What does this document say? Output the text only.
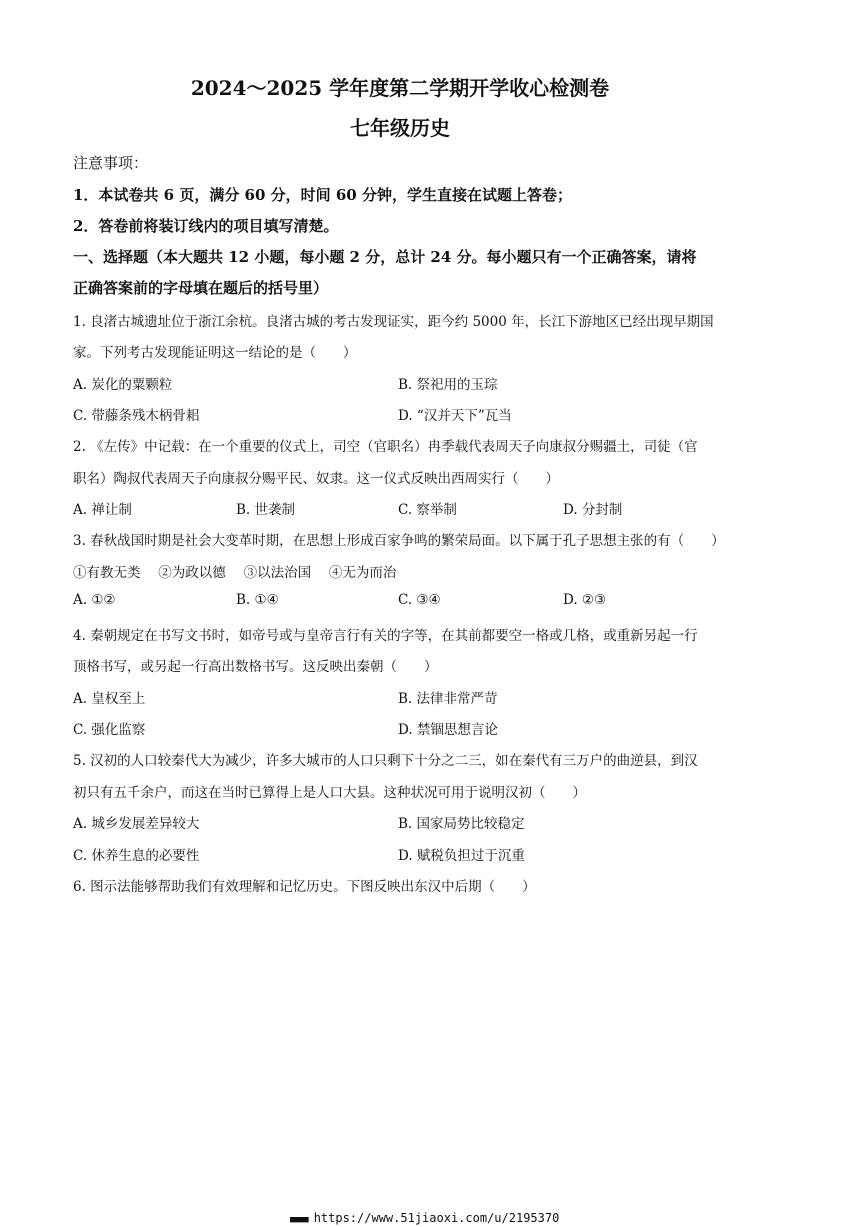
2024～2025 学年度第二学期开学收心检测卷
七年级历史
注意事项：
1．本试卷共 6 页，满分 60 分，时间 60 分钟，学生直接在试题上答卷；
2．答卷前将装订线内的项目填写清楚。
一、选择题（本大题共 12 小题，每小题 2 分，总计 24 分。每小题只有一个正确答案，请将
正确答案前的字母填在题后的括号里）
1. 良渚古城遗址位于浙江余杭。良渚古城的考古发现证实，距今约 5000 年，长江下游地区已经出现早期国
家。下列考古发现能证明这一结论的是（　　）
A. 炭化的粟颗粒	B. 祭祀用的玉琮
C. 带藤条残木柄骨耜	D. “汉并天下”瓦当
2. 《左传》中记载：在一个重要的仪式上，司空（官职名）冉季载代表周天子向康叔分赐疆土，司徒（官
职名）陶叔代表周天子向康叔分赐平民、奴隶。这一仪式反映出西周实行（　　）
A. 禅让制	B. 世袭制	C. 察举制	D. 分封制
3. 春秋战国时期是社会大变革时期，在思想上形成百家争鸣的繁荣局面。以下属于孔子思想主张的有（　　）
①有教无类　 ②为政以德　 ③以法治国　 ④无为而治
A. ①②	B. ①④	C. ③④	D. ②③
4. 秦朝规定在书写文书时，如帝号或与皇帝言行有关的字等，在其前都要空一格或几格，或重新另起一行
顶格书写，或另起一行高出数格书写。这反映出秦朝（　　）
A. 皇权至上	B. 法律非常严苛
C. 强化监察	D. 禁锢思想言论
5. 汉初的人口较秦代大为减少，许多大城市的人口只剩下十分之二三，如在秦代有三万户的曲逆县，到汉
初只有五千余户，而这在当时已算得上是人口大县。这种状况可用于说明汉初（　　）
A. 城乡发展差异较大	B. 国家局势比较稳定
C. 休养生息的必要性	D. 赋税负担过于沉重
6. 图示法能够帮助我们有效理解和记忆历史。下图反映出东汉中后期（　　）
■■■■ https://www.51jiaoxi.com/u/2195370
